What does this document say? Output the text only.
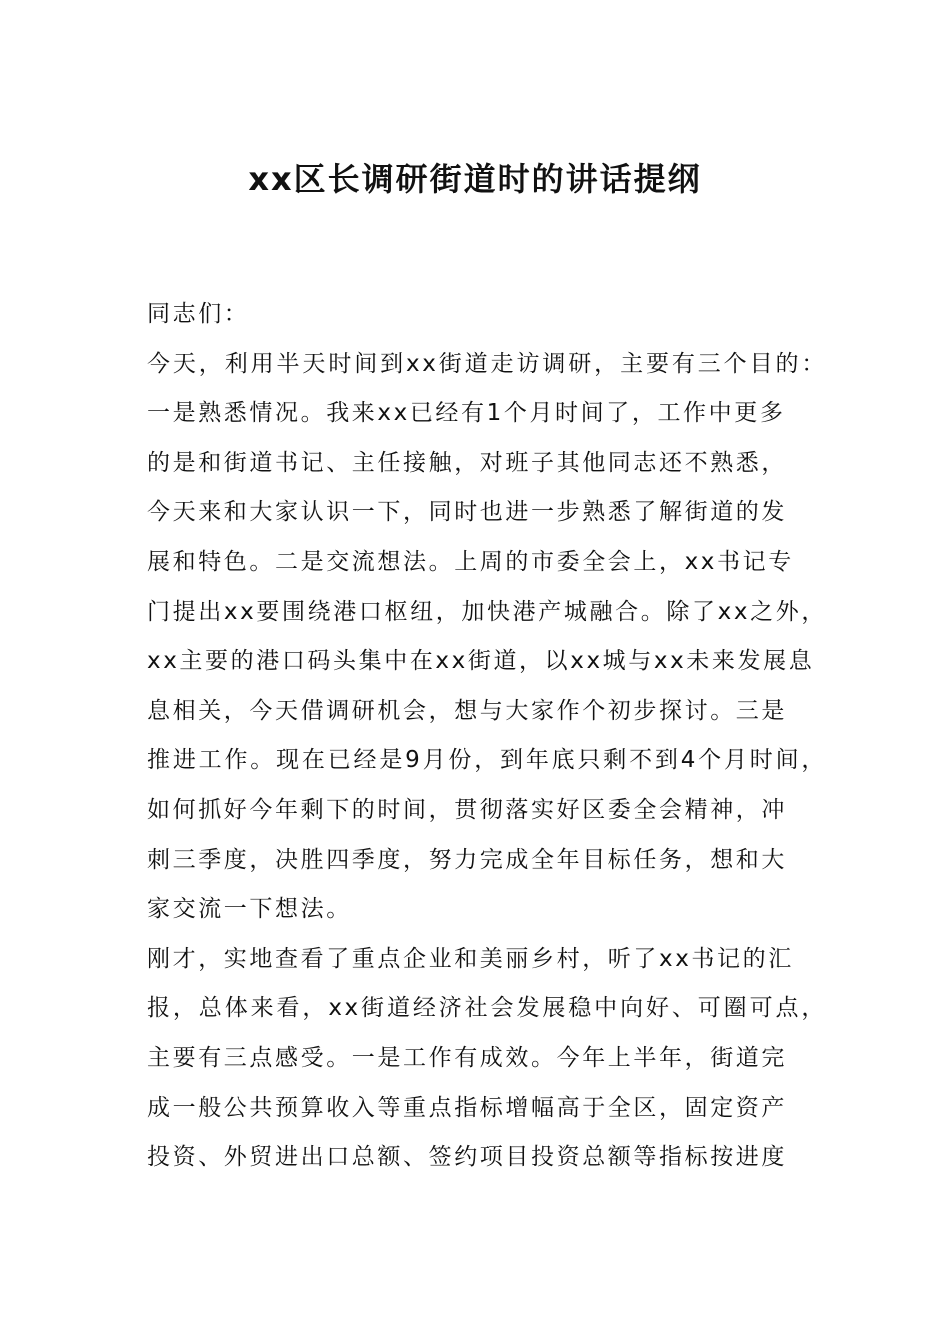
xx区长调研街道时的讲话提纲
同志们：
今天，利用半天时间到xx街道走访调研，主要有三个目的：
一是熟悉情况。我来xx已经有1个月时间了，工作中更多
的是和街道书记、主任接触，对班子其他同志还不熟悉，
今天来和大家认识一下，同时也进一步熟悉了解街道的发
展和特色。二是交流想法。上周的市委全会上，xx书记专
门提出xx要围绕港口枢纽，加快港产城融合。除了xx之外，
xx主要的港口码头集中在xx街道，以xx城与xx未来发展息
息相关，今天借调研机会，想与大家作个初步探讨。三是
推进工作。现在已经是9月份，到年底只剩不到4个月时间，
如何抓好今年剩下的时间，贯彻落实好区委全会精神，冲
刺三季度，决胜四季度，努力完成全年目标任务，想和大
家交流一下想法。
刚才，实地查看了重点企业和美丽乡村，听了xx书记的汇
报，总体来看，xx街道经济社会发展稳中向好、可圈可点，
主要有三点感受。一是工作有成效。今年上半年，街道完
成一般公共预算收入等重点指标增幅高于全区，固定资产
投资、外贸进出口总额、签约项目投资总额等指标按进度
